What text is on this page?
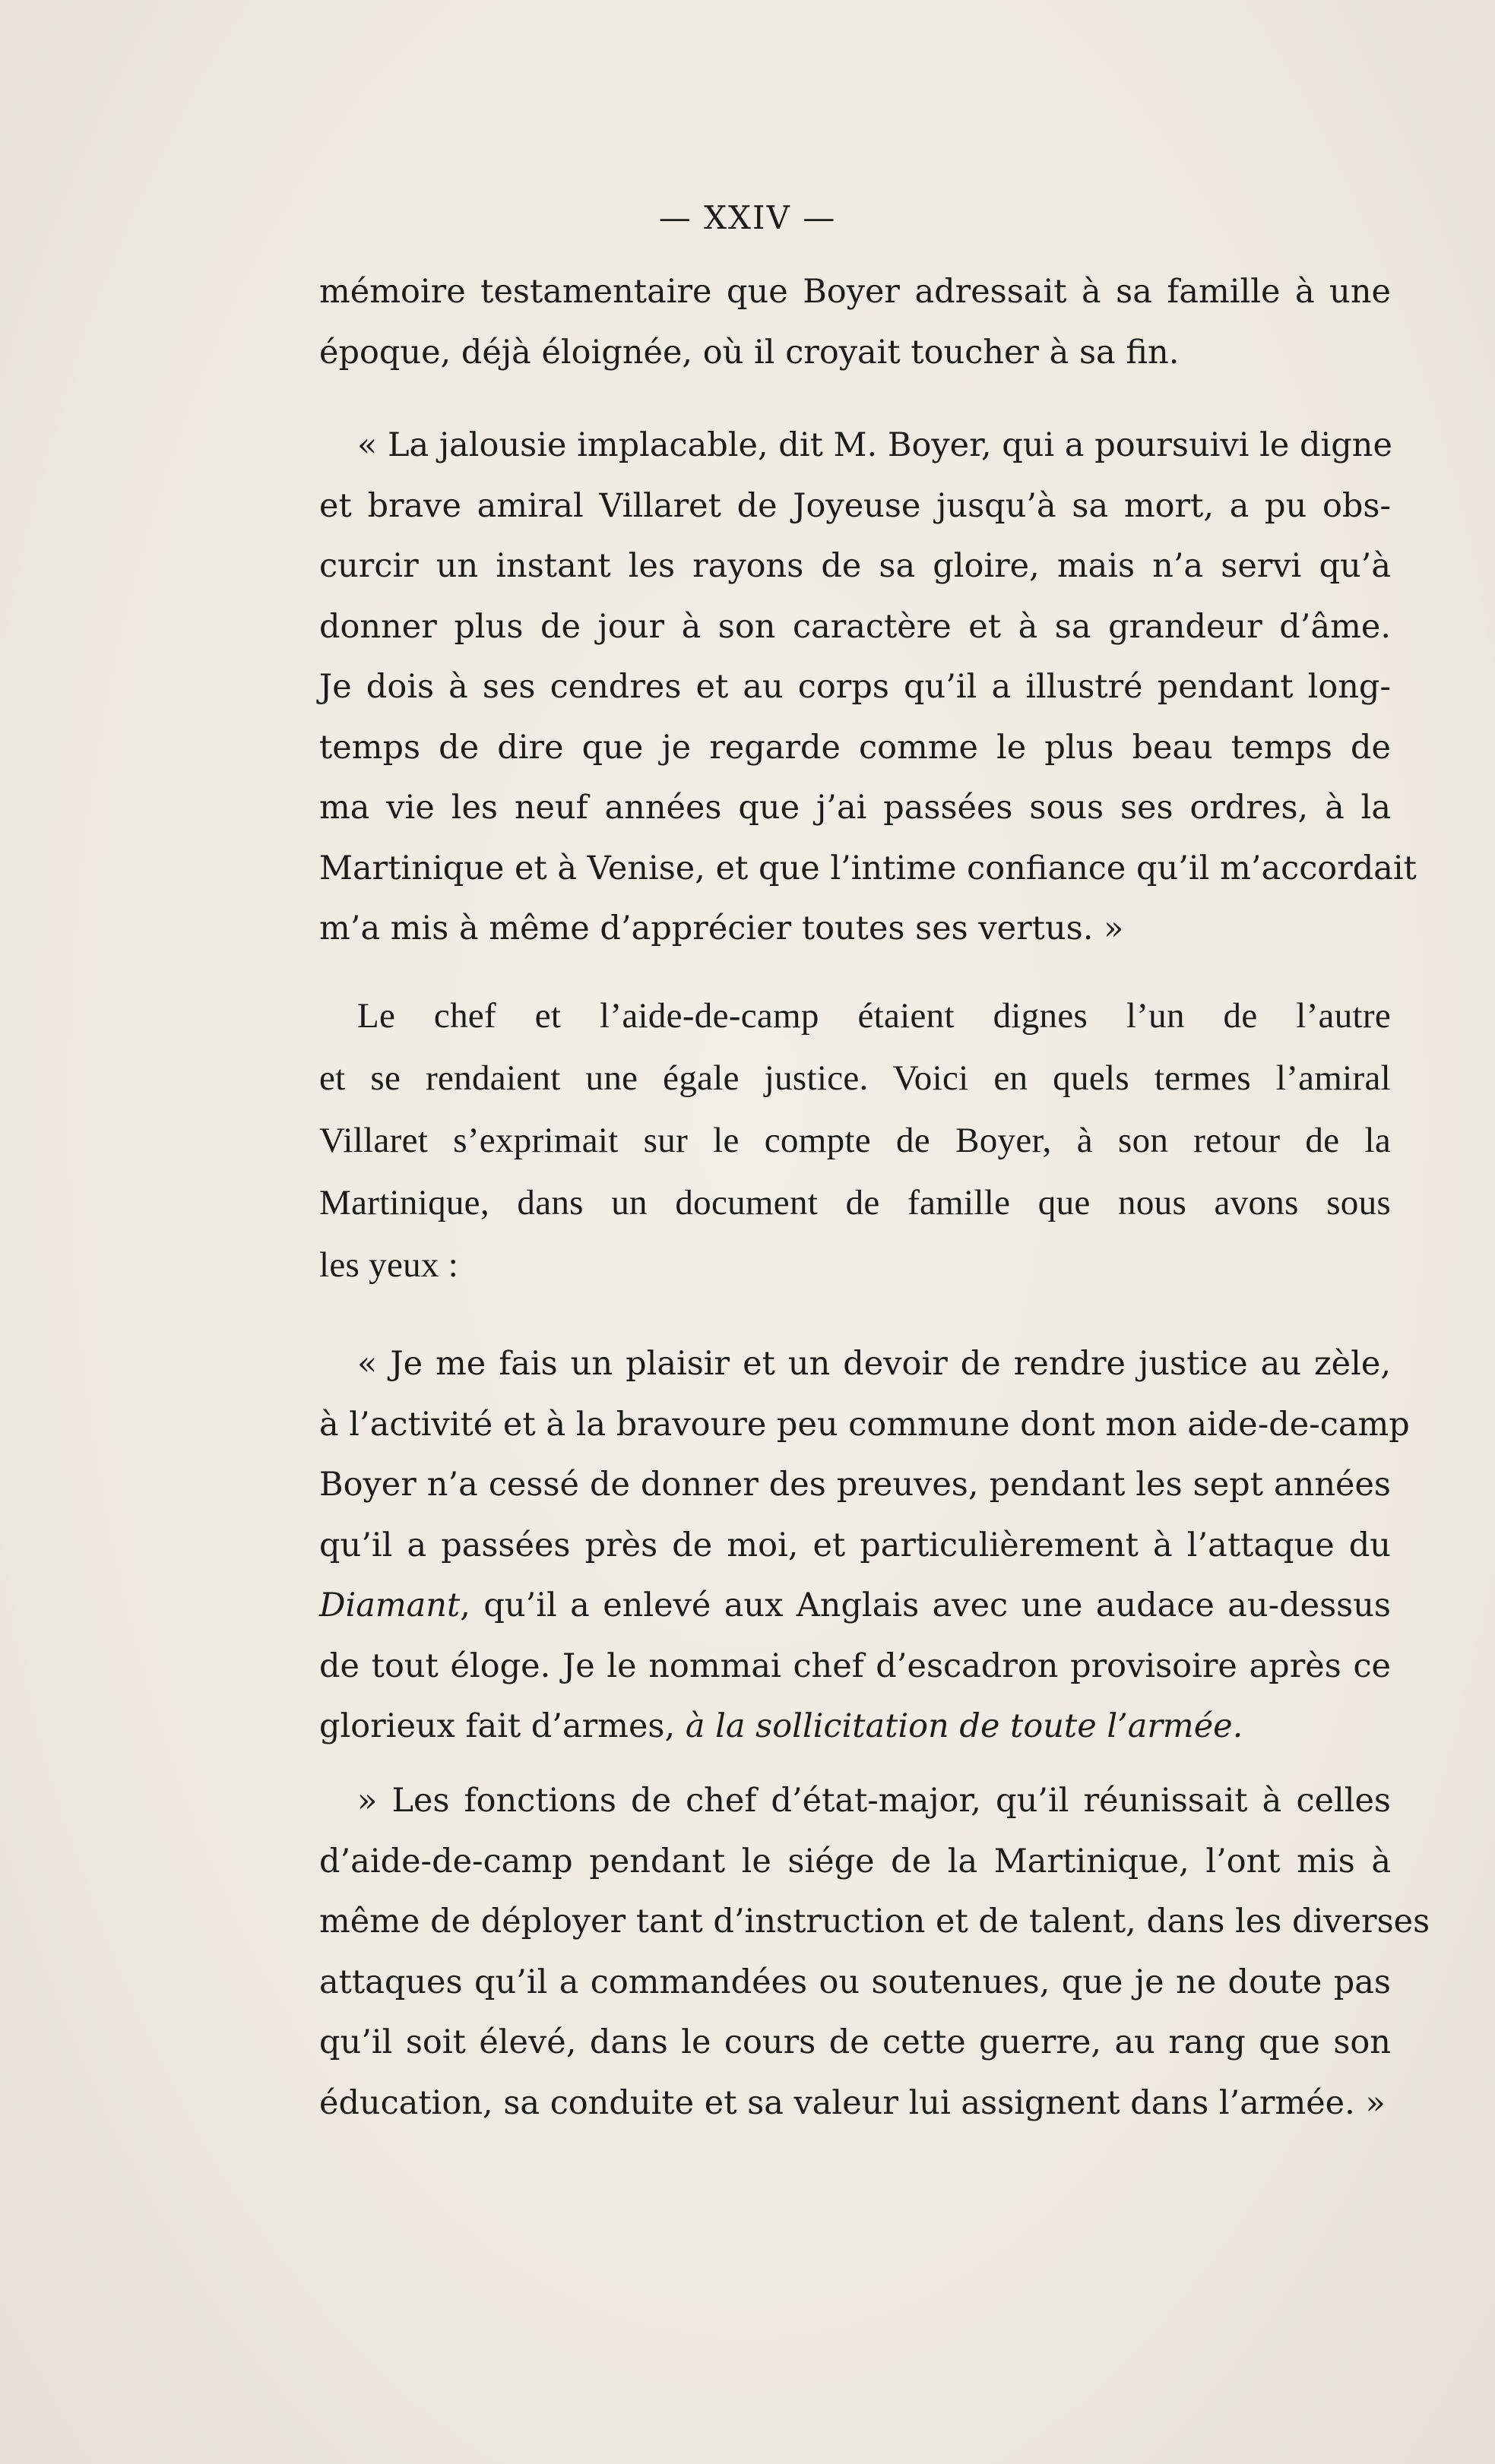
— XXIV —
mémoire testamentaire que Boyer adressait à sa famille à une
époque, déjà éloignée, où il croyait toucher à sa fin.
« La jalousie implacable, dit M. Boyer, qui a poursuivi le digne
et brave amiral Villaret de Joyeuse jusqu’à sa mort, a pu obs-
curcir un instant les rayons de sa gloire, mais n’a servi qu’à
donner plus de jour à son caractère et à sa grandeur d’âme.
Je dois à ses cendres et au corps qu’il a illustré pendant long-
temps de dire que je regarde comme le plus beau temps de
ma vie les neuf années que j’ai passées sous ses ordres, à la
Martinique et à Venise, et que l’intime confiance qu’il m’accordait
m’a mis à même d’apprécier toutes ses vertus. »
Le chef et l’aide-de-camp étaient dignes l’un de l’autre
et se rendaient une égale justice. Voici en quels termes l’amiral
Villaret s’exprimait sur le compte de Boyer, à son retour de la
Martinique, dans un document de famille que nous avons sous
les yeux :
« Je me fais un plaisir et un devoir de rendre justice au zèle,
à l’activité et à la bravoure peu commune dont mon aide-de-camp
Boyer n’a cessé de donner des preuves, pendant les sept années
qu’il a passées près de moi, et particulièrement à l’attaque du
Diamant, qu’il a enlevé aux Anglais avec une audace au-dessus
de tout éloge. Je le nommai chef d’escadron provisoire après ce
glorieux fait d’armes, à la sollicitation de toute l’armée.
» Les fonctions de chef d’état-major, qu’il réunissait à celles
d’aide-de-camp pendant le siége de la Martinique, l’ont mis à
même de déployer tant d’instruction et de talent, dans les diverses
attaques qu’il a commandées ou soutenues, que je ne doute pas
qu’il soit élevé, dans le cours de cette guerre, au rang que son
éducation, sa conduite et sa valeur lui assignent dans l’armée. »
